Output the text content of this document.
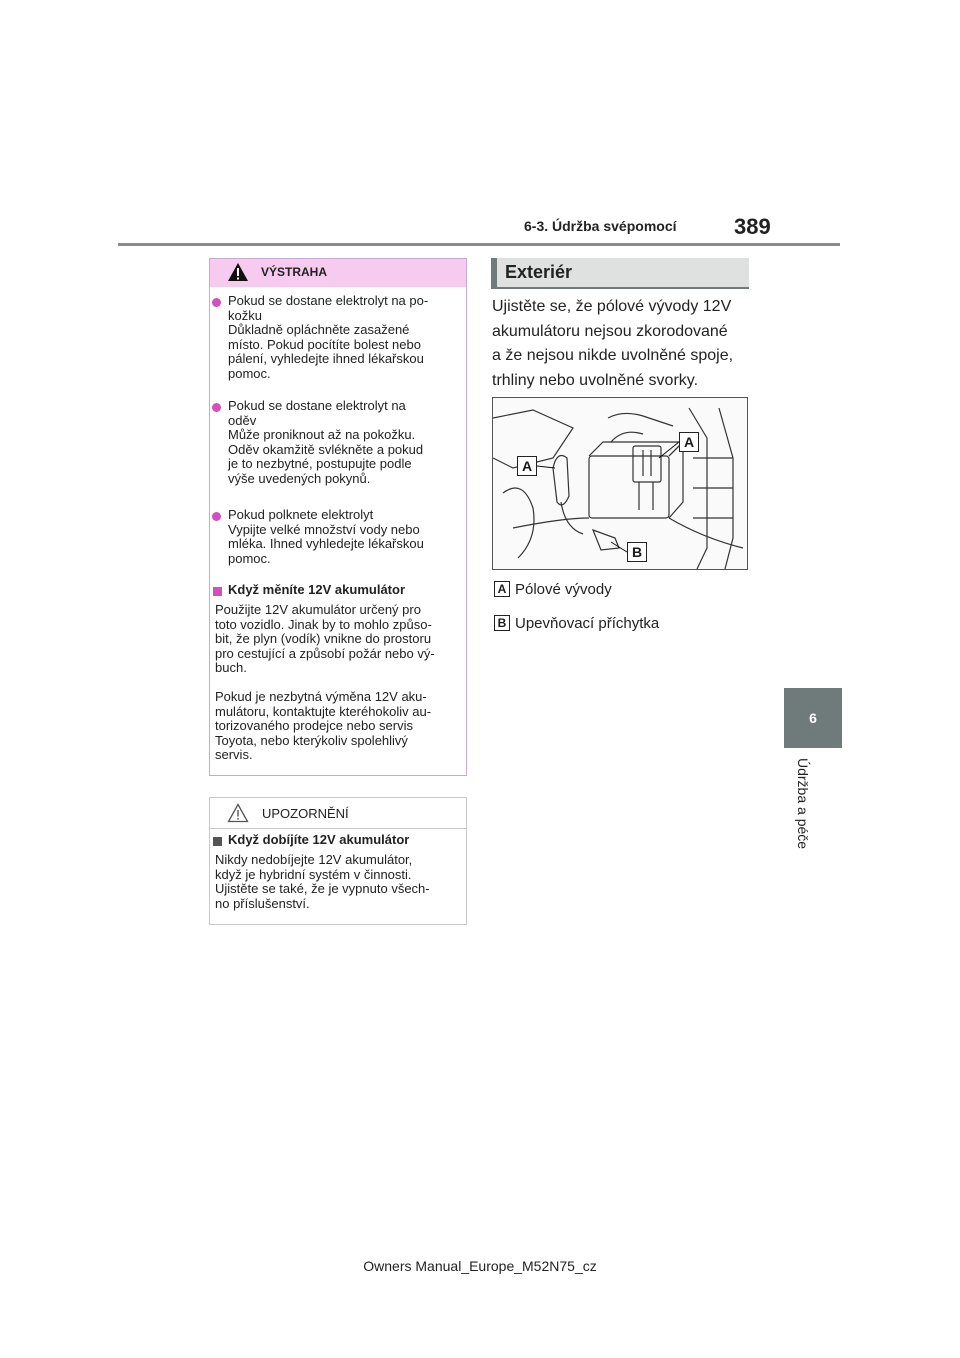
6-3. Údržba svépomocí	389
6
Údržba a péče
VÝSTRAHA
Pokud se dostane elektrolyt na po-
kožku
Důkladně opláchněte zasažené
místo. Pokud pocítíte bolest nebo
pálení, vyhledejte ihned lékařskou
pomoc.
Pokud se dostane elektrolyt na
oděv
Může proniknout až na pokožku.
Oděv okamžitě svlékněte a pokud
je to nezbytné, postupujte podle
výše uvedených pokynů.
Pokud polknete elektrolyt
Vypijte velké množství vody nebo
mléka. Ihned vyhledejte lékařskou
pomoc.
Když měníte 12V akumulátor
Použijte 12V akumulátor určený pro
toto vozidlo. Jinak by to mohlo způso-
bit, že plyn (vodík) vnikne do prostoru
pro cestující a způsobí požár nebo vý-
buch.
Pokud je nezbytná výměna 12V aku-
mulátoru, kontaktujte kteréhokoliv au-
torizovaného prodejce nebo servis
Toyota, nebo kterýkoliv spolehlivý
servis.
UPOZORNĚNÍ
Když dobíjíte 12V akumulátor
Nikdy nedobíjejte 12V akumulátor,
když je hybridní systém v činnosti.
Ujistěte se také, že je vypnuto všech-
no příslušenství.
Exteriér
Ujistěte se, že pólové vývody 12V
akumulátoru nejsou zkorodované
a že nejsou nikde uvolněné spoje,
trhliny nebo uvolněné svorky.
A
A
B
A Pólové vývody
B Upevňovací příchytka
Owners Manual_Europe_M52N75_cz
